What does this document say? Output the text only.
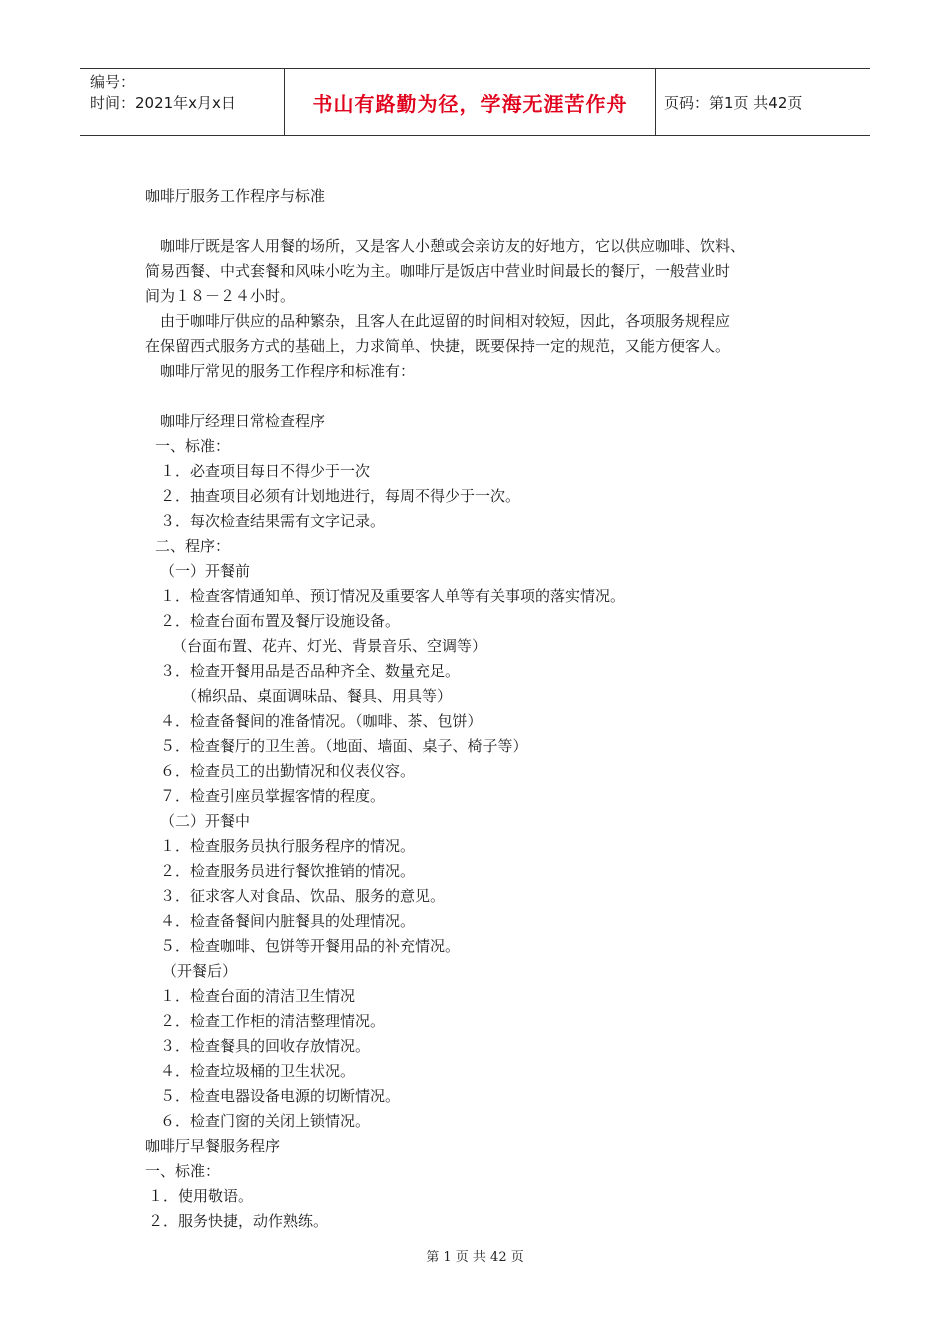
编号：
时间：2021年x月x日	书山有路勤为径，学海无涯苦作舟	页码：第1页 共42页
咖啡厅服务工作程序与标准
咖啡厅既是客人用餐的场所，又是客人小憩或会亲访友的好地方，它以供应咖啡、饮料、
简易西餐、中式套餐和风味小吃为主。咖啡厅是饭店中营业时间最长的餐厅，一般营业时
间为１８－２４小时。
由于咖啡厅供应的品种繁杂，且客人在此逗留的时间相对较短，因此，各项服务规程应
在保留西式服务方式的基础上，力求简单、快捷，既要保持一定的规范，又能方便客人。
咖啡厅常见的服务工作程序和标准有：
咖啡厅经理日常检查程序
一、标准：
１．必查项目每日不得少于一次
２．抽查项目必须有计划地进行，每周不得少于一次。
３．每次检查结果需有文字记录。
二、程序：
（一）开餐前
１．检查客情通知单、预订情况及重要客人单等有关事项的落实情况。
２．检查台面布置及餐厅设施设备。
（台面布置、花卉、灯光、背景音乐、空调等）
３．检查开餐用品是否品种齐全、数量充足。
（棉织品、桌面调味品、餐具、用具等）
４．检查备餐间的准备情况。（咖啡、茶、包饼）
５．检查餐厅的卫生善。（地面、墙面、桌子、椅子等）
６．检查员工的出勤情况和仪表仪容。
７．检查引座员掌握客情的程度。
（二）开餐中
１．检查服务员执行服务程序的情况。
２．检查服务员进行餐饮推销的情况。
３．征求客人对食品、饮品、服务的意见。
４．检查备餐间内脏餐具的处理情况。
５．检查咖啡、包饼等开餐用品的补充情况。
（开餐后）
１．检查台面的清洁卫生情况
２．检查工作柜的清洁整理情况。
３．检查餐具的回收存放情况。
４．检查垃圾桶的卫生状况。
５．检查电器设备电源的切断情况。
６．检查门窗的关闭上锁情况。
咖啡厅早餐服务程序
一、标准：
１．使用敬语。
２．服务快捷，动作熟练。
第 1 页 共 42 页
